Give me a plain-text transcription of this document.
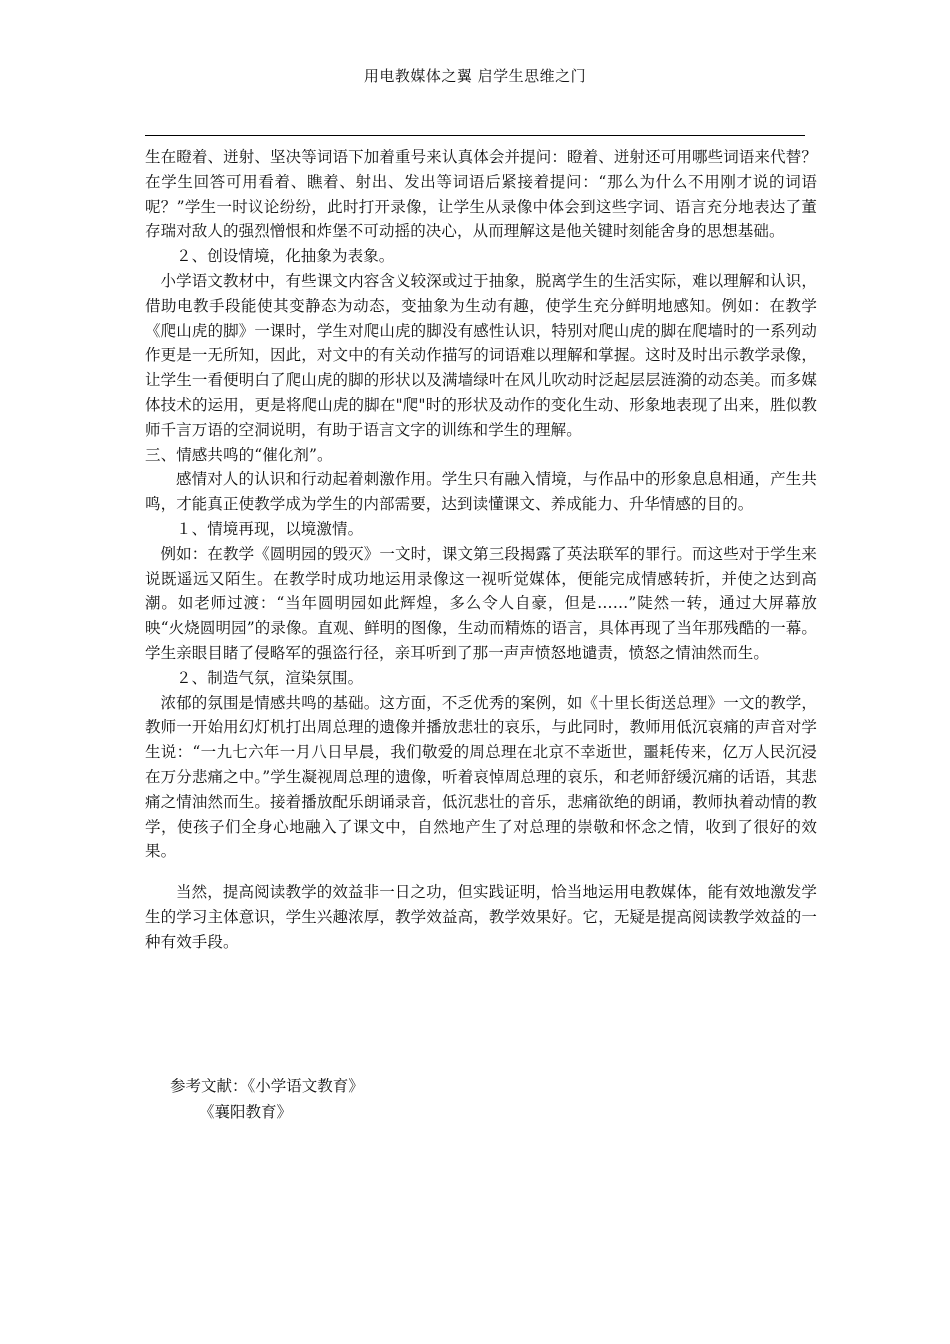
用电教媒体之翼 启学生思维之门

生在瞪着、迸射、坚决等词语下加着重号来认真体会并提问：瞪着、迸射还可用哪些词语来代替？在学生回答可用看着、瞧着、射出、发出等词语后紧接着提问：“那么为什么不用刚才说的词语呢？”学生一时议论纷纷，此时打开录像，让学生从录像中体会到这些字词、语言充分地表达了董存瑞对敌人的强烈憎恨和炸堡不可动摇的决心，从而理解这是他关键时刻能舍身的思想基础。

２、创设情境，化抽象为表象。

小学语文教材中，有些课文内容含义较深或过于抽象，脱离学生的生活实际，难以理解和认识，借助电教手段能使其变静态为动态，变抽象为生动有趣，使学生充分鲜明地感知。例如：在教学《爬山虎的脚》一课时，学生对爬山虎的脚没有感性认识，特别对爬山虎的脚在爬墙时的一系列动作更是一无所知，因此，对文中的有关动作描写的词语难以理解和掌握。这时及时出示教学录像，让学生一看便明白了爬山虎的脚的形状以及满墙绿叶在风儿吹动时泛起层层涟漪的动态美。而多媒体技术的运用，更是将爬山虎的脚在"爬"时的形状及动作的变化生动、形象地表现了出来，胜似教师千言万语的空洞说明，有助于语言文字的训练和学生的理解。

三、情感共鸣的“催化剂”。

感情对人的认识和行动起着刺激作用。学生只有融入情境，与作品中的形象息息相通，产生共鸣，才能真正使教学成为学生的内部需要，达到读懂课文、养成能力、升华情感的目的。

１、情境再现，以境激情。

例如：在教学《圆明园的毁灭》一文时，课文第三段揭露了英法联军的罪行。而这些对于学生来说既遥远又陌生。在教学时成功地运用录像这一视听觉媒体，便能完成情感转折，并使之达到高潮。如老师过渡：“当年圆明园如此辉煌，多么令人自豪，但是……”陡然一转，通过大屏幕放映“火烧圆明园”的录像。直观、鲜明的图像，生动而精炼的语言，具体再现了当年那残酷的一幕。学生亲眼目睹了侵略军的强盗行径，亲耳听到了那一声声愤怒地谴责，愤怒之情油然而生。

２、制造气氛，渲染氛围。

浓郁的氛围是情感共鸣的基础。这方面，不乏优秀的案例，如《十里长街送总理》一文的教学，教师一开始用幻灯机打出周总理的遗像并播放悲壮的哀乐，与此同时，教师用低沉哀痛的声音对学生说：“一九七六年一月八日早晨，我们敬爱的周总理在北京不幸逝世，噩耗传来，亿万人民沉浸在万分悲痛之中。”学生凝视周总理的遗像，听着哀悼周总理的哀乐，和老师舒缓沉痛的话语，其悲痛之情油然而生。接着播放配乐朗诵录音，低沉悲壮的音乐，悲痛欲绝的朗诵，教师执着动情的教学，使孩子们全身心地融入了课文中，自然地产生了对总理的崇敬和怀念之情，收到了很好的效果。

当然，提高阅读教学的效益非一日之功，但实践证明，恰当地运用电教媒体，能有效地激发学生的学习主体意识，学生兴趣浓厚，教学效益高，教学效果好。它，无疑是提高阅读教学效益的一种有效手段。

参考文献：《小学语文教育》

《襄阳教育》
